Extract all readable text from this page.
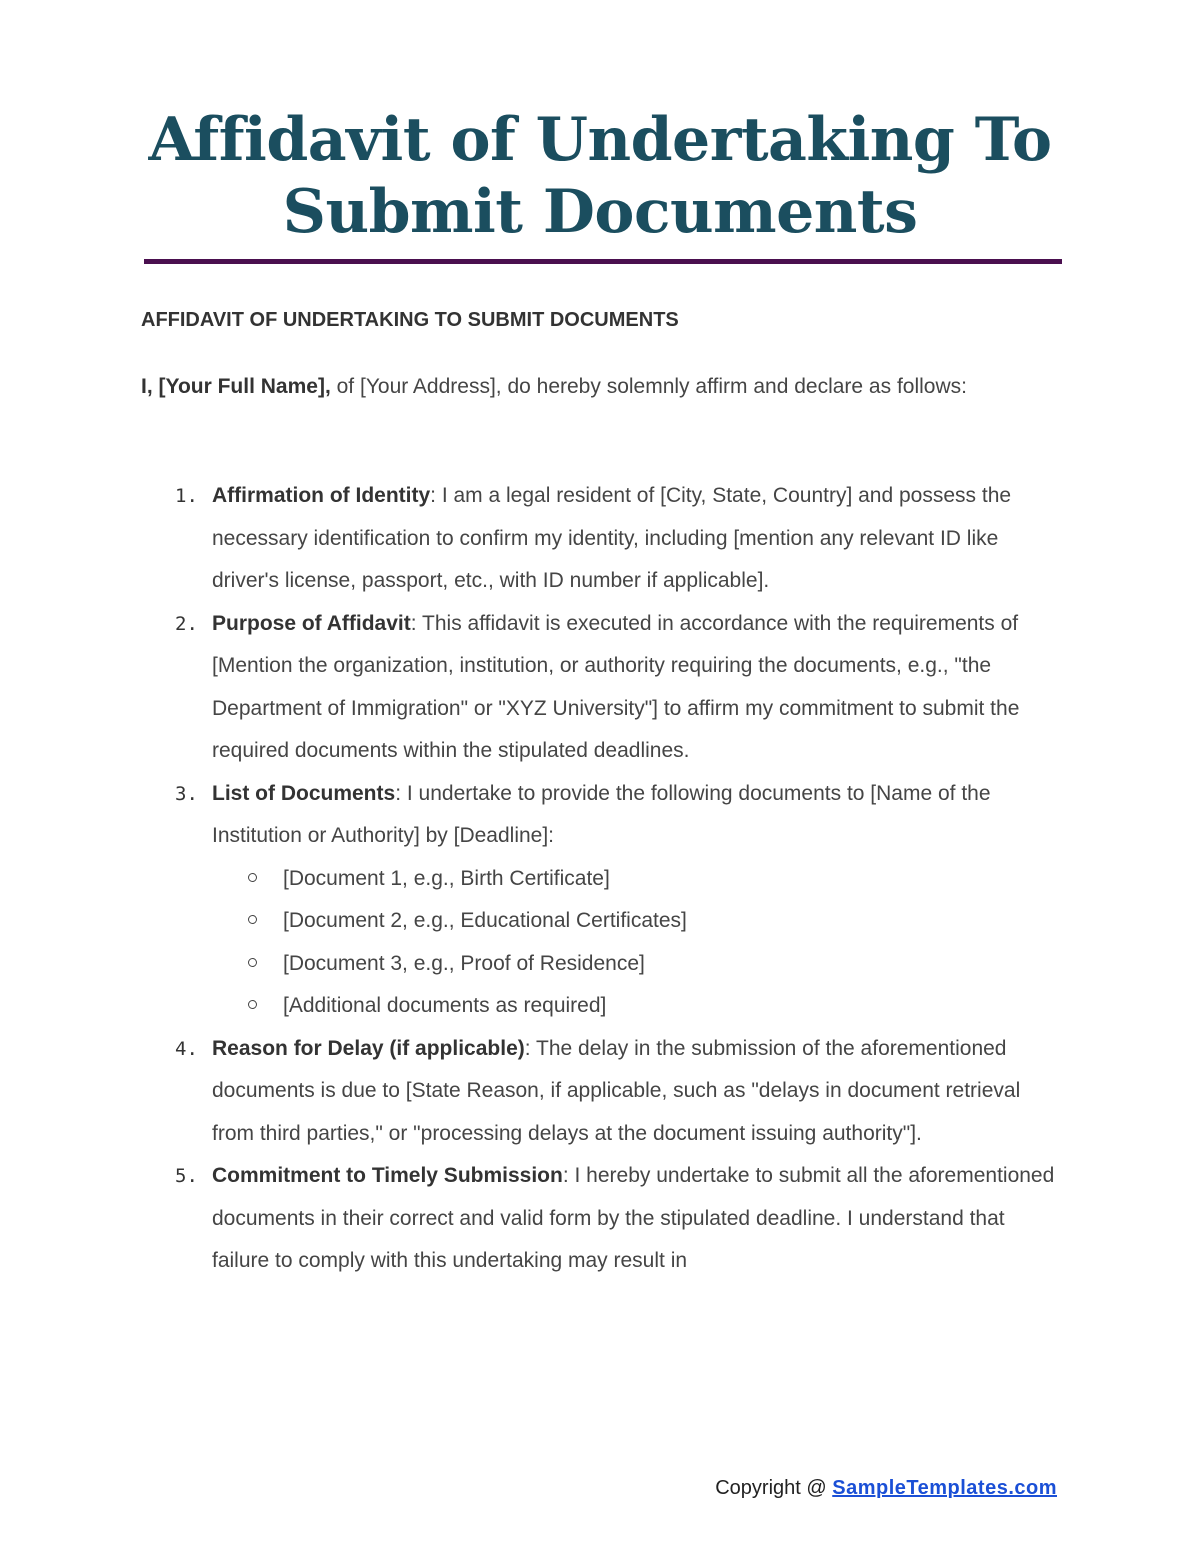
Affidavit of Undertaking To
Submit Documents

AFFIDAVIT OF UNDERTAKING TO SUBMIT DOCUMENTS

I, [Your Full Name], of [Your Address], do hereby solemnly affirm and declare as follows:

1. Affirmation of Identity: I am a legal resident of [City, State, Country] and possess the necessary identification to confirm my identity, including [mention any relevant ID like driver's license, passport, etc., with ID number if applicable].
2. Purpose of Affidavit: This affidavit is executed in accordance with the requirements of [Mention the organization, institution, or authority requiring the documents, e.g., "the Department of Immigration" or "XYZ University"] to affirm my commitment to submit the required documents within the stipulated deadlines.
3. List of Documents: I undertake to provide the following documents to [Name of the Institution or Authority] by [Deadline]:
[Document 1, e.g., Birth Certificate]
[Document 2, e.g., Educational Certificates]
[Document 3, e.g., Proof of Residence]
[Additional documents as required]
4. Reason for Delay (if applicable): The delay in the submission of the aforementioned documents is due to [State Reason, if applicable, such as "delays in document retrieval from third parties," or "processing delays at the document issuing authority"].
5. Commitment to Timely Submission: I hereby undertake to submit all the aforementioned documents in their correct and valid form by the stipulated deadline. I understand that failure to comply with this undertaking may result in
Copyright @ SampleTemplates.com
